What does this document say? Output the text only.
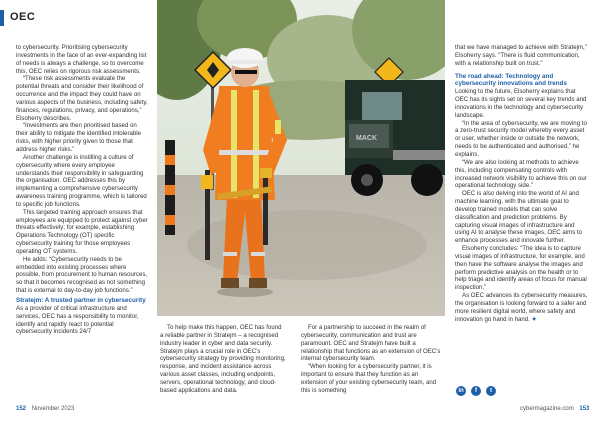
OEC

to cybersecurity. Prioritising cybersecurity investments in the face of an ever-expanding list of needs is always a challenge, so to overcome this, OEC relies on rigorous risk assessments.

“These risk assessments evaluate the potential threats and consider their likelihood of occurrence and the impact they could have on various aspects of the business, including safety, finances, regulations, privacy, and operations,” Elsoherry describes.

“Investments are then prioritised based on their ability to mitigate the identified intolerable risks, with higher priority given to those that address higher risks.”

Another challenge is instilling a culture of cybersecurity where every employee understands their responsibility in safeguarding the organisation. OEC addresses this by implementing a comprehensive cybersecurity awareness training programme, which is tailored to specific job functions.

This targeted training approach ensures that employees are equipped to protect against cyber threats effectively; for example, establishing Operations Technology (OT) specific cybersecurity training for those employees operating OT systems.

He adds: “Cybersecurity needs to be embedded into existing processes where possible, from procurement to human resources, so that it becomes recognised as not something that is external to day-to-day job functions.”

Stratejm: A trusted partner in cybersecurity

As a provider of critical infrastructure and services, OEC has a responsibility to monitor, identify and rapidly react to potential cybersecurity incidents 24/7

MACK

To help make this happen, OEC has found a reliable partner in Stratejm – a recognised industry leader in cyber and data security. Stratejm plays a crucial role in OEC’s cybersecurity strategy by providing monitoring, response, and incident assistance across various asset classes, including endpoints, servers, operational technology, and cloud-based applications and data.

For a partnership to succeed in the realm of cybersecurity, communication and trust are paramount. OEC and Stratejm have built a relationship that functions as an extension of OEC’s internal cybersecurity team.

“When looking for a cybersecurity partner, it is important to ensure that they function as an extension of your existing cybersecurity team, and this is something

that we have managed to achieve with Stratejm,” Elsoherry says. “There is fluid communication, with a relationship built on trust.”

The road ahead: Technology and cybersecurity innovations and trends

Looking to the future, Elsoherry explains that OEC has its sights set on several key trends and innovations in the technology and cybersecurity landscape.

“In the area of cybersecurity, we are moving to a zero-trust security model whereby every asset or user, whether inside or outside the network, needs to be authenticated and authorised,” he explains.

“We are also looking at methods to achieve this, including compensating controls with increased network visibility to achieve this on our operational technology side.”

OEC is also delving into the world of AI and machine learning, with the ultimate goal to develop trained models that can solve classification and prediction problems. By capturing visual images of infrastructure and using AI to analyse these images, OEC aims to enhance processes and innovate further.

Elsoherry concludes: “The idea is to capture visual images of infrastructure, for example, and then have the software analyse the images and perform predictive analysis on the health or to help triage and identify areas of focus for manual inspection.”

As OEC advances its cybersecurity measures, the organisation is looking forward to a safer and more resilient digital world, where safety and innovation go hand in hand. ✦

in	f	t
152 November 2023	cybermagazine.com 153
